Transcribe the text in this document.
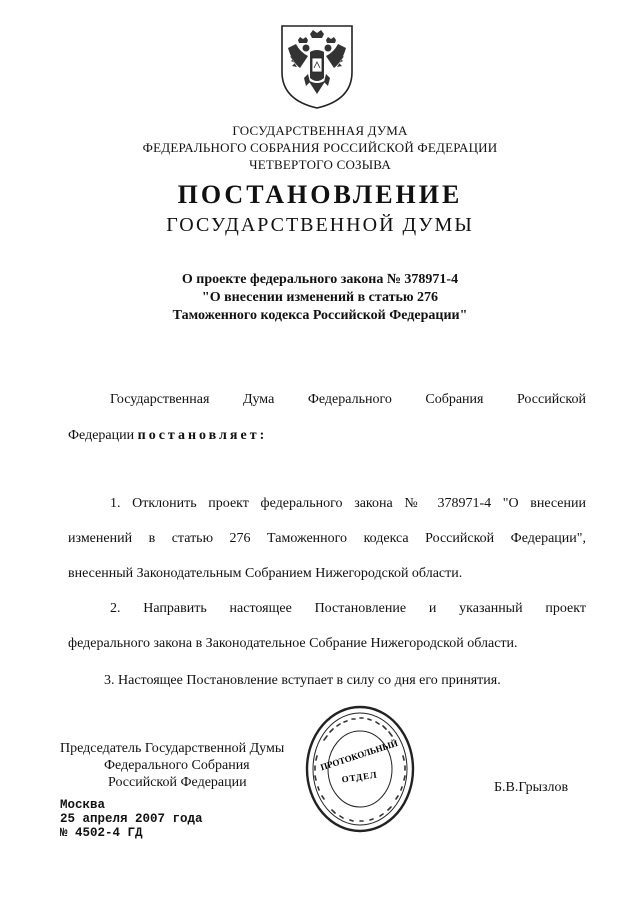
ГОСУДАРСТВЕННАЯ ДУМА
ФЕДЕРАЛЬНОГО СОБРАНИЯ РОССИЙСКОЙ ФЕДЕРАЦИИ
ЧЕТВЕРТОГО СОЗЫВА
ПОСТАНОВЛЕНИЕ
ГОСУДАРСТВЕННОЙ ДУМЫ
О проекте федерального закона № 378971-4
"О внесении изменений в статью 276
Таможенного кодекса Российской Федерации"
Государственная Дума Федерального Собрания Российской
Федерации постановляет:
1. Отклонить проект федерального закона № 378971-4 "О внесении
изменений в статью 276 Таможенного кодекса Российской Федерации",
внесенный Законодательным Собранием Нижегородской области.
2. Направить настоящее Постановление и указанный проект
федерального закона в Законодательное Собрание Нижегородской области.
3. Настоящее Постановление вступает в силу со дня его принятия.
ПРОТОКОЛЬНЫЙ
ОТДЕЛ
Председатель Государственной Думы
Федерального Собрания
Российской Федерации	Б.В.Грызлов
Москва
25 апреля 2007 года
№ 4502-4 ГД
